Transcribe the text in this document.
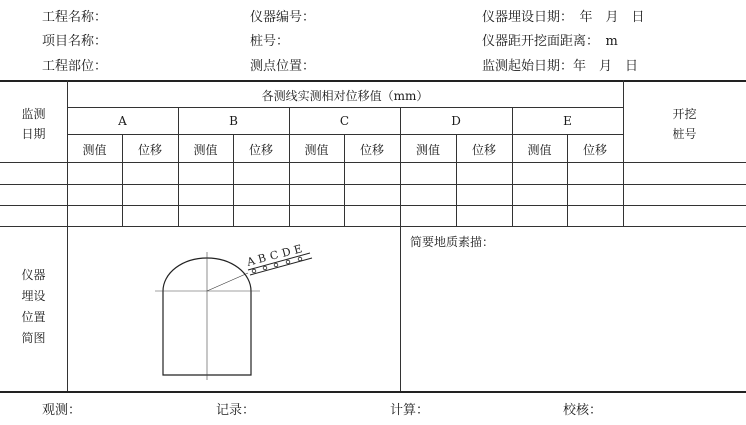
工程名称：	仪器编号：	仪器埋设日期：　年　月　日
项目名称：	桩号：	仪器距开挖面距离：　m
工程部位：	测点位置：	监测起始日期：年　月　日
监测
日期
各测线实测相对位移值（mm）
开挖
桩号
A	B	C	D	E
测值	位移	测值	位移	测值	位移	测值	位移	测值	位移
仪器
埋设
位置
简图
简要地质素描：
A B C D E
观测：	记录：	计算：	校核：
